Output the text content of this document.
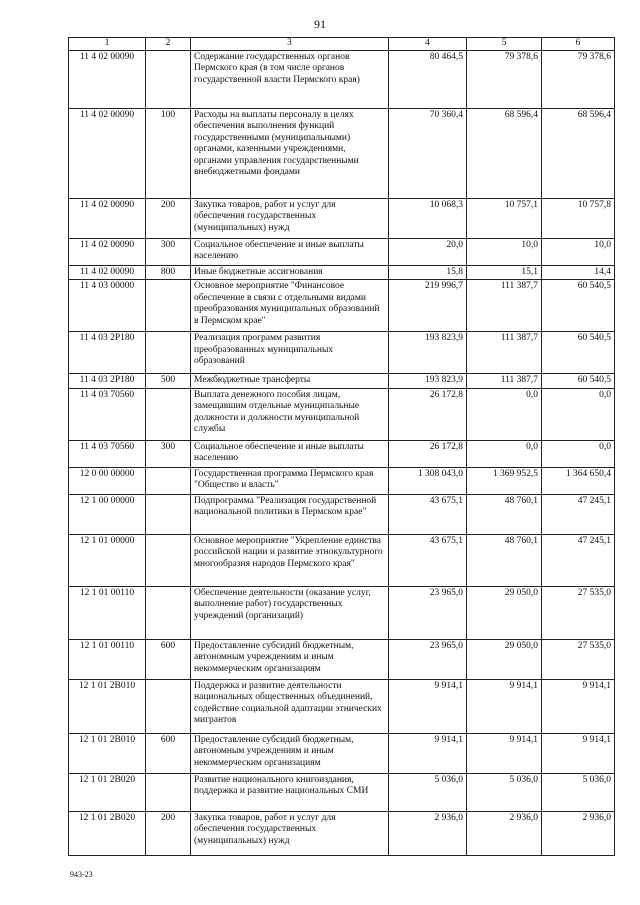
91
1	2	3	4	5	6
11 4 02 00090		Содержание государственных органов Пермского края (в том числе органов государственной власти Пермского края)	80 464,5	79 378,6	79 378,6
11 4 02 00090	100	Расходы на выплаты персоналу в целях обеспечения выполнения функций государственными (муниципальными) органами, казенными учреждениями, органами управления государственными внебюджетными фондами	70 360,4	68 596,4	68 596,4
11 4 02 00090	200	Закупка товаров, работ и услуг для обеспечения государственных (муниципальных) нужд	10 068,3	10 757,1	10 757,8
11 4 02 00090	300	Социальное обеспечение и иные выплаты населению	20,0	10,0	10,0
11 4 02 00090	800	Иные бюджетные ассигнования	15,8	15,1	14,4
11 4 03 00000		Основное мероприятие "Финансовое обеспечение в связи с отдельными видами преобразования муниципальных образований в Пермском крае"	219 996,7	111 387,7	60 540,5
11 4 03 2P180		Реализация программ развития преобразованных муниципальных образований	193 823,9	111 387,7	60 540,5
11 4 03 2P180	500	Межбюджетные трансферты	193 823,9	111 387,7	60 540,5
11 4 03 70560		Выплата денежного пособия лицам, замещавшим отдельные муниципальные должности и должности муниципальной службы	26 172,8	0,0	0,0
11 4 03 70560	300	Социальное обеспечение и иные выплаты населению	26 172,8	0,0	0,0
12 0 00 00000		Государственная программа Пермского края "Общество и власть"	1 308 043,0	1 369 952,5	1 364 650,4
12 1 00 00000		Подпрограмма "Реализация государственной национальной политики в Пермском крае"	43 675,1	48 760,1	47 245,1
12 1 01 00000		Основное мероприятие "Укрепление единства российской нации и развитие этнокультурного многообразия народов Пермского края"	43 675,1	48 760,1	47 245,1
12 1 01 00110		Обеспечение деятельности (оказание услуг, выполнение работ) государственных учреждений (организаций)	23 965,0	29 050,0	27 535,0
12 1 01 00110	600	Предоставление субсидий бюджетным, автономным учреждениям и иным некоммерческим организациям	23 965,0	29 050,0	27 535,0
12 1 01 2B010		Поддержка и развитие деятельности национальных общественных объединений, содействие социальной адаптации этнических мигрантов	9 914,1	9 914,1	9 914,1
12 1 01 2B010	600	Предоставление субсидий бюджетным, автономным учреждениям и иным некоммерческим организациям	9 914,1	9 914,1	9 914,1
12 1 01 2B020		Развитие национального книгоиздания, поддержка и развитие национальных СМИ	5 036,0	5 036,0	5 036,0
12 1 01 2B020	200	Закупка товаров, работ и услуг для обеспечения государственных (муниципальных) нужд	2 936,0	2 936,0	2 936,0
943-23
